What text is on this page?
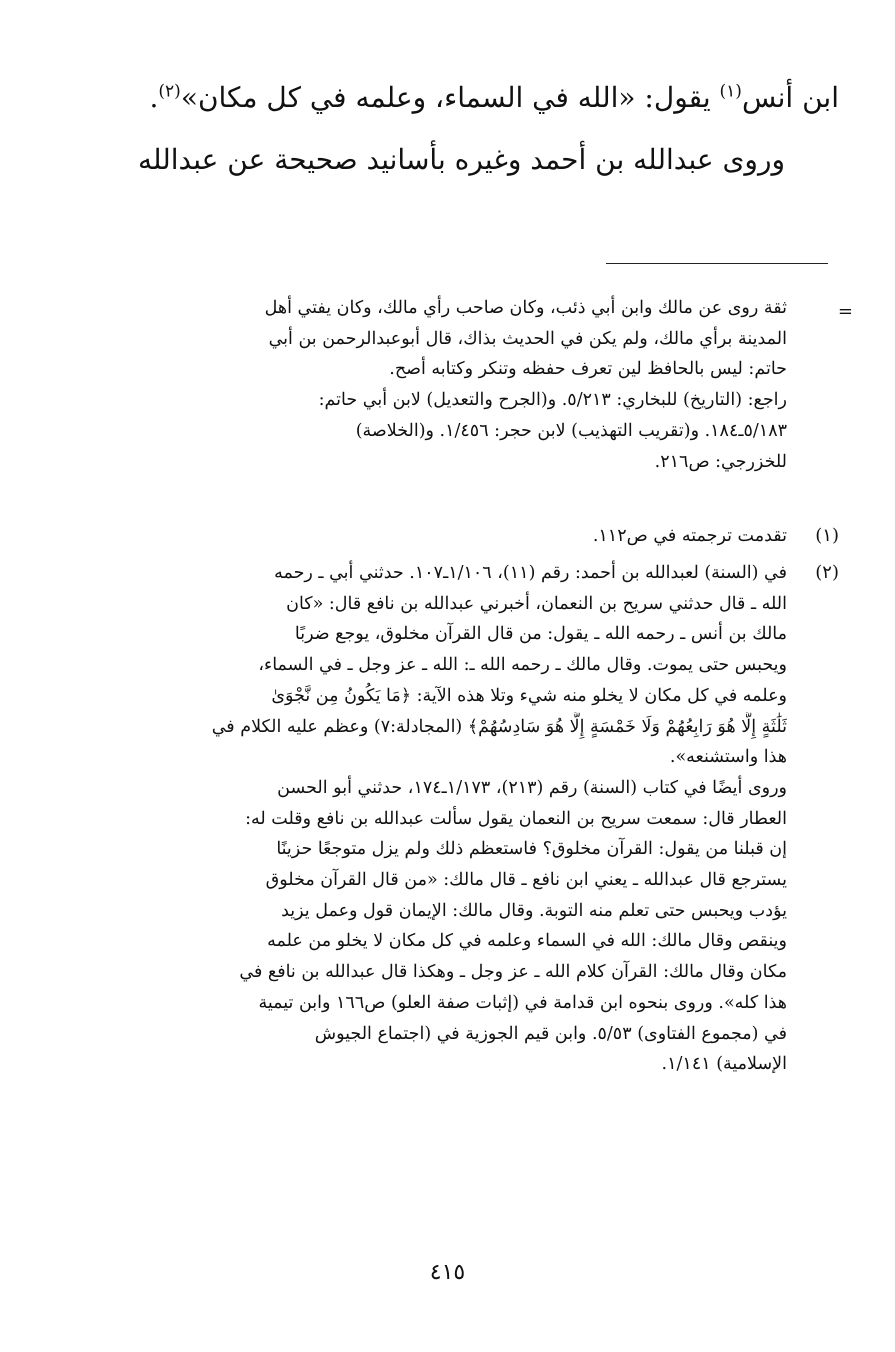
ابن أنس$^{(١)}$ يقول: «الله في السماء، وعلمه في كل مكان»$^{(٢)}$.
وروى عبدالله بن أحمد وغيره بأسانيد صحيحة عن عبدالله
=
ثقة روى عن مالك وابن أبي ذئب، وكان صاحب رأي مالك، وكان يفتي أهل
المدينة برأي مالك، ولم يكن في الحديث بذاك، قال أبوعبدالرحمن بن أبي
حاتم: ليس بالحافظ لين تعرف حفظه وتنكر وكتابه أصح.
راجع: (التاريخ) للبخاري: ٥/٢١٣. و(الجرح والتعديل) لابن أبي حاتم:
٥/١٨٣ـ١٨٤. و(تقريب التهذيب) لابن حجر: ١/٤٥٦. و(الخلاصة)
للخزرجي: ص٢١٦.
(١)
تقدمت ترجمته في ص١١٢.
(٢)
في (السنة) لعبدالله بن أحمد: رقم (١١)، ١/١٠٦ـ١٠٧. حدثني أبي ـ رحمه
الله ـ قال حدثني سريح بن النعمان، أخبرني عبدالله بن نافع قال: «كان
مالك بن أنس ـ رحمه الله ـ يقول: من قال القرآن مخلوق، يوجع ضربًا
ويحبس حتى يموت. وقال مالك ـ رحمه الله ـ: الله ـ عز وجل ـ في السماء،
وعلمه في كل مكان لا يخلو منه شيء وتلا هذه الآية: ﴿مَا يَكُونُ مِن نَّجْوَىٰ
ثَلَٰثَةٍ إِلَّا هُوَ رَابِعُهُمْ وَلَا خَمْسَةٍ إِلَّا هُوَ سَادِسُهُمْ﴾ (المجادلة:٧) وعظم عليه الكلام في
هذا واستشنعه».
وروى أيضًا في كتاب (السنة) رقم (٢١٣)، ١/١٧٣ـ١٧٤، حدثني أبو الحسن
العطار قال: سمعت سريح بن النعمان يقول سألت عبدالله بن نافع وقلت له:
إن قبلنا من يقول: القرآن مخلوق؟ فاستعظم ذلك ولم يزل متوجعًا حزينًا
يسترجع قال عبدالله ـ يعني ابن نافع ـ قال مالك: «من قال القرآن مخلوق
يؤدب ويحبس حتى تعلم منه التوبة. وقال مالك: الإيمان قول وعمل يزيد
وينقص وقال مالك: الله في السماء وعلمه في كل مكان لا يخلو من علمه
مكان وقال مالك: القرآن كلام الله ـ عز وجل ـ وهكذا قال عبدالله بن نافع في
هذا كله». وروى بنحوه ابن قدامة في (إثبات صفة العلو) ص١٦٦ وابن تيمية
في (مجموع الفتاوى) ٥/٥٣. وابن قيم الجوزية في (اجتماع الجيوش
الإسلامية) ١/١٤١.
٤١٥
